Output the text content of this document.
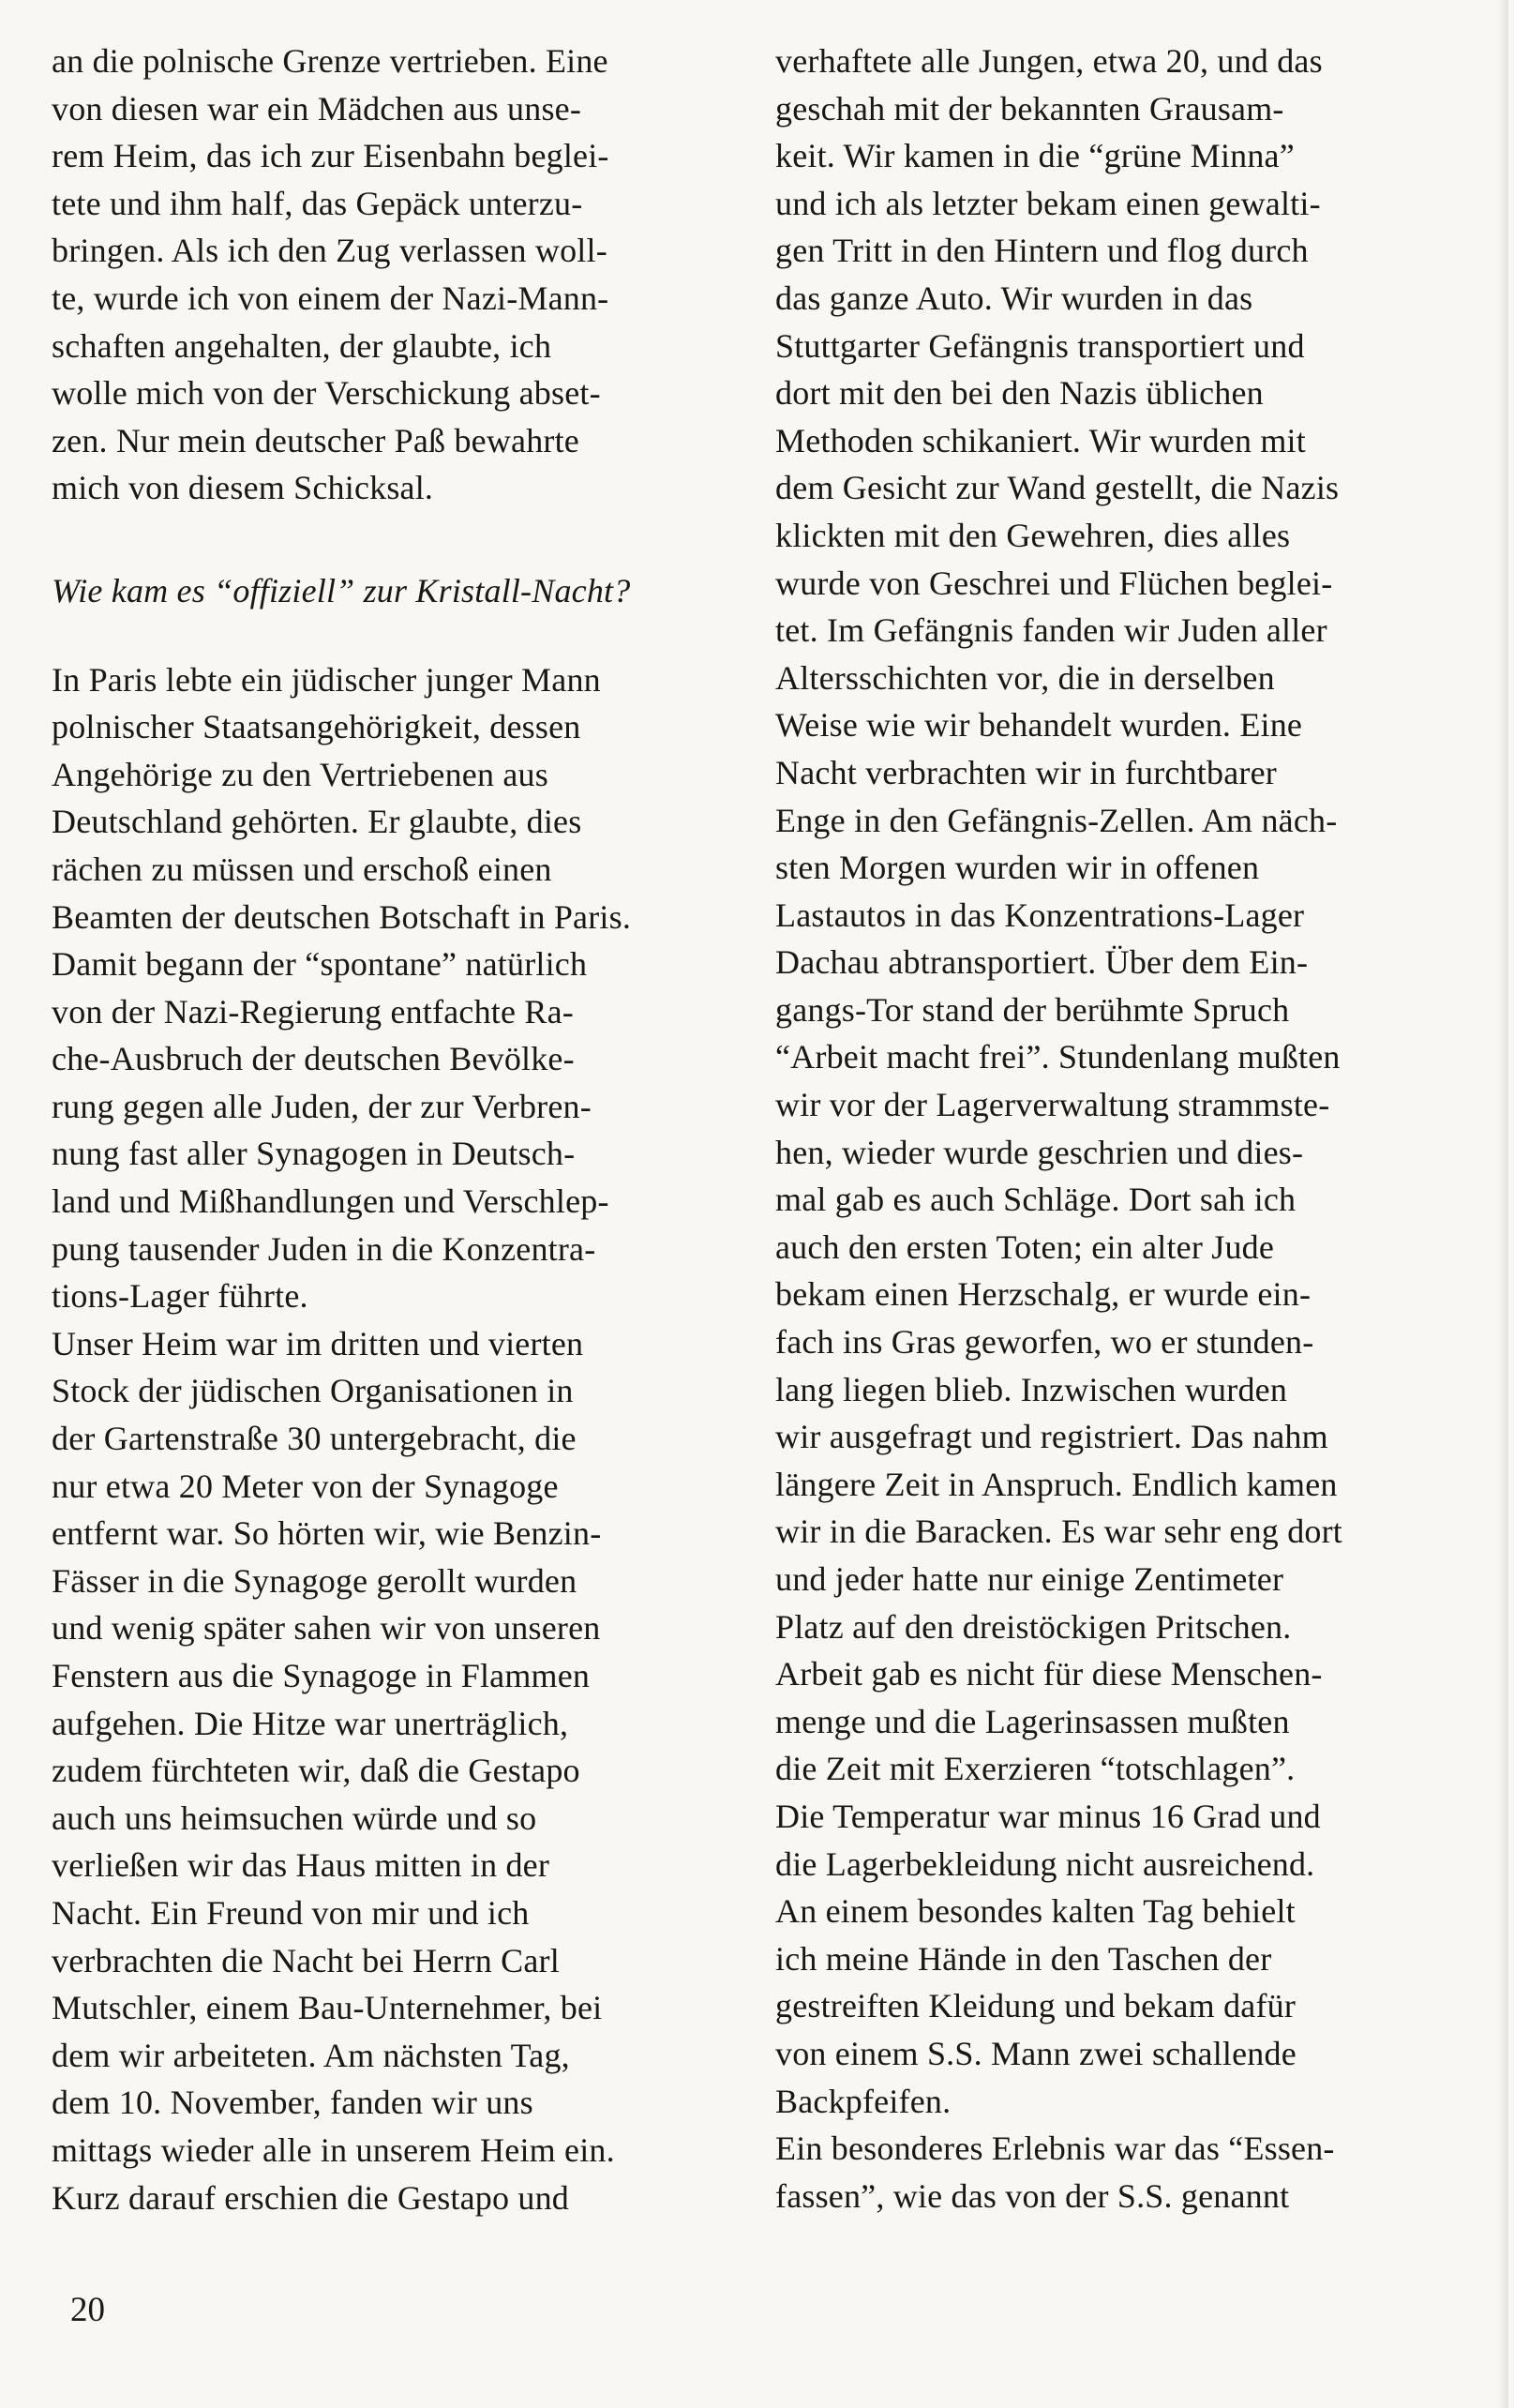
an die polnische Grenze vertrieben. Eine
von diesen war ein Mädchen aus unse-
rem Heim, das ich zur Eisenbahn beglei-
tete und ihm half, das Gepäck unterzu-
bringen. Als ich den Zug verlassen woll-
te, wurde ich von einem der Nazi-Mann-
schaften angehalten, der glaubte, ich
wolle mich von der Verschickung abset-
zen. Nur mein deutscher Paß bewahrte
mich von diesem Schicksal.
Wie kam es “offiziell” zur Kristall-Nacht?
In Paris lebte ein jüdischer junger Mann
polnischer Staatsangehörigkeit, dessen
Angehörige zu den Vertriebenen aus
Deutschland gehörten. Er glaubte, dies
rächen zu müssen und erschoß einen
Beamten der deutschen Botschaft in Paris.
Damit begann der “spontane” natürlich
von der Nazi-Regierung entfachte Ra-
che-Ausbruch der deutschen Bevölke-
rung gegen alle Juden, der zur Verbren-
nung fast aller Synagogen in Deutsch-
land und Mißhandlungen und Verschlep-
pung tausender Juden in die Konzentra-
tions-Lager führte.
Unser Heim war im dritten und vierten
Stock der jüdischen Organisationen in
der Gartenstraße 30 untergebracht, die
nur etwa 20 Meter von der Synagoge
entfernt war. So hörten wir, wie Benzin-
Fässer in die Synagoge gerollt wurden
und wenig später sahen wir von unseren
Fenstern aus die Synagoge in Flammen
aufgehen. Die Hitze war unerträglich,
zudem fürchteten wir, daß die Gestapo
auch uns heimsuchen würde und so
verließen wir das Haus mitten in der
Nacht. Ein Freund von mir und ich
verbrachten die Nacht bei Herrn Carl
Mutschler, einem Bau-Unternehmer, bei
dem wir arbeiteten. Am nächsten Tag,
dem 10. November, fanden wir uns
mittags wieder alle in unserem Heim ein.
Kurz darauf erschien die Gestapo und
verhaftete alle Jungen, etwa 20, und das
geschah mit der bekannten Grausam-
keit. Wir kamen in die “grüne Minna”
und ich als letzter bekam einen gewalti-
gen Tritt in den Hintern und flog durch
das ganze Auto. Wir wurden in das
Stuttgarter Gefängnis transportiert und
dort mit den bei den Nazis üblichen
Methoden schikaniert. Wir wurden mit
dem Gesicht zur Wand gestellt, die Nazis
klickten mit den Gewehren, dies alles
wurde von Geschrei und Flüchen beglei-
tet. Im Gefängnis fanden wir Juden aller
Altersschichten vor, die in derselben
Weise wie wir behandelt wurden. Eine
Nacht verbrachten wir in furchtbarer
Enge in den Gefängnis-Zellen. Am näch-
sten Morgen wurden wir in offenen
Lastautos in das Konzentrations-Lager
Dachau abtransportiert. Über dem Ein-
gangs-Tor stand der berühmte Spruch
“Arbeit macht frei”. Stundenlang mußten
wir vor der Lagerverwaltung strammste-
hen, wieder wurde geschrien und dies-
mal gab es auch Schläge. Dort sah ich
auch den ersten Toten; ein alter Jude
bekam einen Herzschalg, er wurde ein-
fach ins Gras geworfen, wo er stunden-
lang liegen blieb. Inzwischen wurden
wir ausgefragt und registriert. Das nahm
längere Zeit in Anspruch. Endlich kamen
wir in die Baracken. Es war sehr eng dort
und jeder hatte nur einige Zentimeter
Platz auf den dreistöckigen Pritschen.
Arbeit gab es nicht für diese Menschen-
menge und die Lagerinsassen mußten
die Zeit mit Exerzieren “totschlagen”.
Die Temperatur war minus 16 Grad und
die Lagerbekleidung nicht ausreichend.
An einem besondes kalten Tag behielt
ich meine Hände in den Taschen der
gestreiften Kleidung und bekam dafür
von einem S.S. Mann zwei schallende
Backpfeifen.
Ein besonderes Erlebnis war das “Essen-
fassen”, wie das von der S.S. genannt
20
